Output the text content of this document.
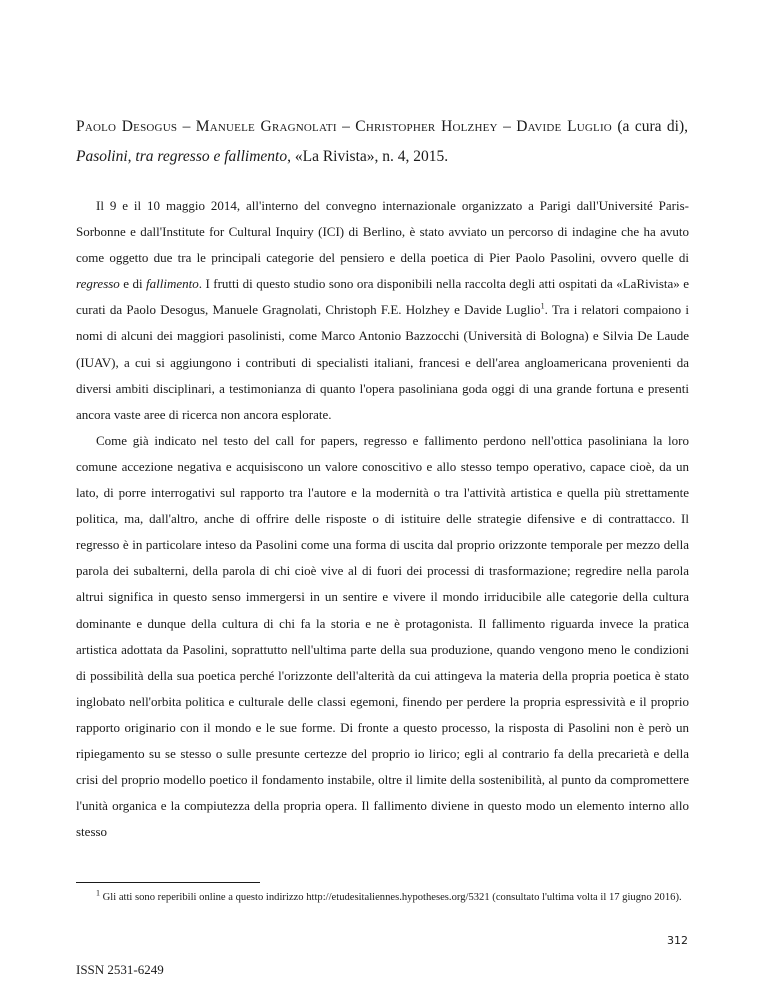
Paolo Desogus – Manuele Gragnolati – Christopher Holzhey – Davide Luglio (a cura di), Pasolini, tra regresso e fallimento, «La Rivista», n. 4, 2015.

Il 9 e il 10 maggio 2014, all'interno del convegno internazionale organizzato a Parigi dall'Université Paris-Sorbonne e dall'Institute for Cultural Inquiry (ICI) di Berlino, è stato avviato un percorso di indagine che ha avuto come oggetto due tra le principali categorie del pensiero e della poetica di Pier Paolo Pasolini, ovvero quelle di regresso e di fallimento. I frutti di questo studio sono ora disponibili nella raccolta degli atti ospitati da «LaRivista» e curati da Paolo Desogus, Manuele Gragnolati, Christoph F.E. Holzhey e Davide Luglio$^1$. Tra i relatori compaiono i nomi di alcuni dei maggiori pasolinisti, come Marco Antonio Bazzocchi (Università di Bologna) e Silvia De Laude (IUAV), a cui si aggiungono i contributi di specialisti italiani, francesi e dell'area angloamericana provenienti da diversi ambiti disciplinari, a testimonianza di quanto l'opera pasoliniana goda oggi di una grande fortuna e presenti ancora vaste aree di ricerca non ancora esplorate.

Come già indicato nel testo del call for papers, regresso e fallimento perdono nell'ottica pasoliniana la loro comune accezione negativa e acquisiscono un valore conoscitivo e allo stesso tempo operativo, capace cioè, da un lato, di porre interrogativi sul rapporto tra l'autore e la modernità o tra l'attività artistica e quella più strettamente politica, ma, dall'altro, anche di offrire delle risposte o di istituire delle strategie difensive e di contrattacco. Il regresso è in particolare inteso da Pasolini come una forma di uscita dal proprio orizzonte temporale per mezzo della parola dei subalterni, della parola di chi cioè vive al di fuori dei processi di trasformazione; regredire nella parola altrui significa in questo senso immergersi in un sentire e vivere il mondo irriducibile alle categorie della cultura dominante e dunque della cultura di chi fa la storia e ne è protagonista. Il fallimento riguarda invece la pratica artistica adottata da Pasolini, soprattutto nell'ultima parte della sua produzione, quando vengono meno le condizioni di possibilità della sua poetica perché l'orizzonte dell'alterità da cui attingeva la materia della propria poetica è stato inglobato nell'orbita politica e culturale delle classi egemoni, finendo per perdere la propria espressività e il proprio rapporto originario con il mondo e le sue forme. Di fronte a questo processo, la risposta di Pasolini non è però un ripiegamento su se stesso o sulle presunte certezze del proprio io lirico; egli al contrario fa della precarietà e della crisi del proprio modello poetico il fondamento instabile, oltre il limite della sostenibilità, al punto da compromettere l'unità organica e la compiutezza della propria opera. Il fallimento diviene in questo modo un elemento interno allo stesso

$^1$ Gli atti sono reperibili online a questo indirizzo http://etudesitaliennes.hypotheses.org/5321 (consultato l'ultima volta il 17 giugno 2016).
312
ISSN 2531-6249
